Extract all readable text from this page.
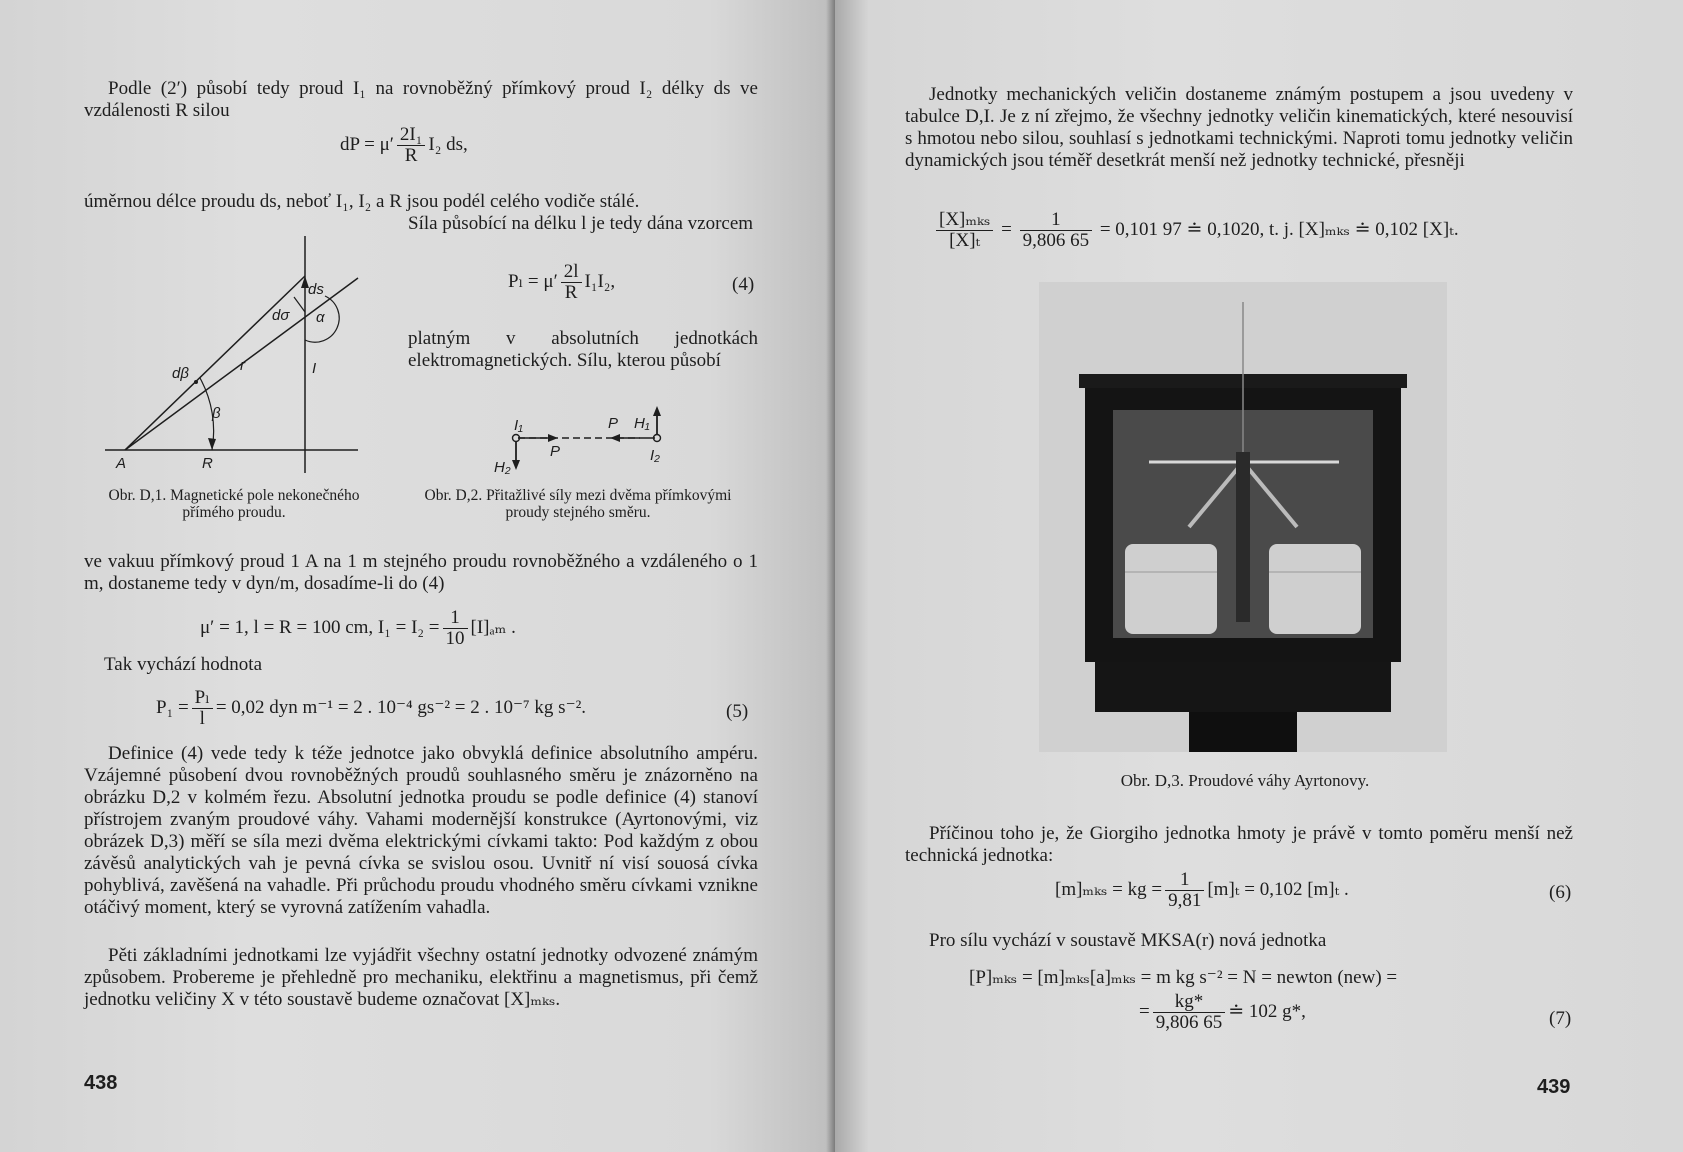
Podle (2′) působí tedy proud I₁ na rovnoběžný přímkový proud I₂ délky ds ve vzdálenosti R silou

dP = $\mu' \frac{\text{2I₁}}{R} I_2$ ds,

úměrnou délce proudu ds, neboť I₁, I₂ a R jsou podél celého vodiče stálé.

Síla působící na délku l je tedy dána vzorcem

$P_l = \mu' \frac{2l}{R} I_1I_2$,	(4)

platným v absolutních jednotkách elektromagnetických. Sílu, kterou působí

ds
dσ α
r	I
dβ
β
A	R

Obr. D,1. Magnetické pole nekonečného přímého proudu.

I₁	P H₁
P	I₂
H₂

Obr. D,2. Přitažlivé síly mezi dvěma přímkovými proudy stejného směru.

ve vakuu přímkový proud 1 A na 1 m stejného proudu rovnoběžného a vzdáleného o 1 m, dostaneme tedy v dyn/m, dosadíme-li do (4)

μ′ = 1, l = R = 100 cm, $I_1 = I_2 = \frac{1}{10} [I]_{am}$ .

Tak vychází hodnota

$P_1 = \frac{\text{Pₗ}}{l} = 0,02$ dyn m⁻¹ = 2 . 10⁻⁴ gs⁻² = 2 . 10⁻⁷ kg s⁻².	(5)

Definice (4) vede tedy k téže jednotce jako obvyklá definice absolutního ampéru. Vzájemné působení dvou rovnoběžných proudů souhlasného směru je znázorněno na obrázku D,2 v kolmém řezu. Absolutní jednotka proudu se podle definice (4) stanoví přístrojem zvaným proudové váhy. Vahami modernější konstrukce (Ayrtonovými, viz obrázek D,3) měří se síla mezi dvěma elektrickými cívkami takto: Pod každým z obou závěsů analytických vah je pevná cívka se svislou osou. Uvnitř ní visí souosá cívka pohyblivá, zavěšená na vahadle. Při průchodu proudu vhodného směru cívkami vznikne otáčivý moment, který se vyrovná zatížením vahadla.

Pěti základními jednotkami lze vyjádřit všechny ostatní jednotky odvozené známým způsobem. Probereme je přehledně pro mechaniku, elektřinu a magnetismus, při čemž jednotku veličiny X v této soustavě budeme označovat [X]ₘₖₛ.

438

Jednotky mechanických veličin dostaneme známým postupem a jsou uvedeny v tabulce D,I. Je z ní zřejmo, že všechny jednotky veličin kinematických, které nesouvisí s hmotou nebo silou, souhlasí s jednotkami technickými. Naproti tomu jednotky veličin dynamických jsou téměř desetkrát menší než jednotky technické, přesněji

$\frac{\text{[X]ₘₖₛ}}{\text{[X]ₜ}} = \frac{1}{9,806 65} = 0,101$ 97 ≐ 0,1020, t. j. [X]ₘₖₛ ≐ 0,102 [X]ₜ.

Obr. D,3. Proudové váhy Ayrtonovy.

Příčinou toho je, že Giorgiho jednotka hmoty je právě v tomto poměru menší než technická jednotka:

[m]ₘₖₛ = kg = $\frac{1}{9,81} [m]_t = 0,102$ [m]ₜ .	(6)

Pro sílu vychází v soustavě MKSA(r) nová jednotka

[P]ₘₖₛ = [m]ₘₖₛ[a]ₘₖₛ = m kg s⁻² = N = newton (new) =
= $\frac{kg*}{9,806 65}$ ≐ 102 g*,	(7)
439
